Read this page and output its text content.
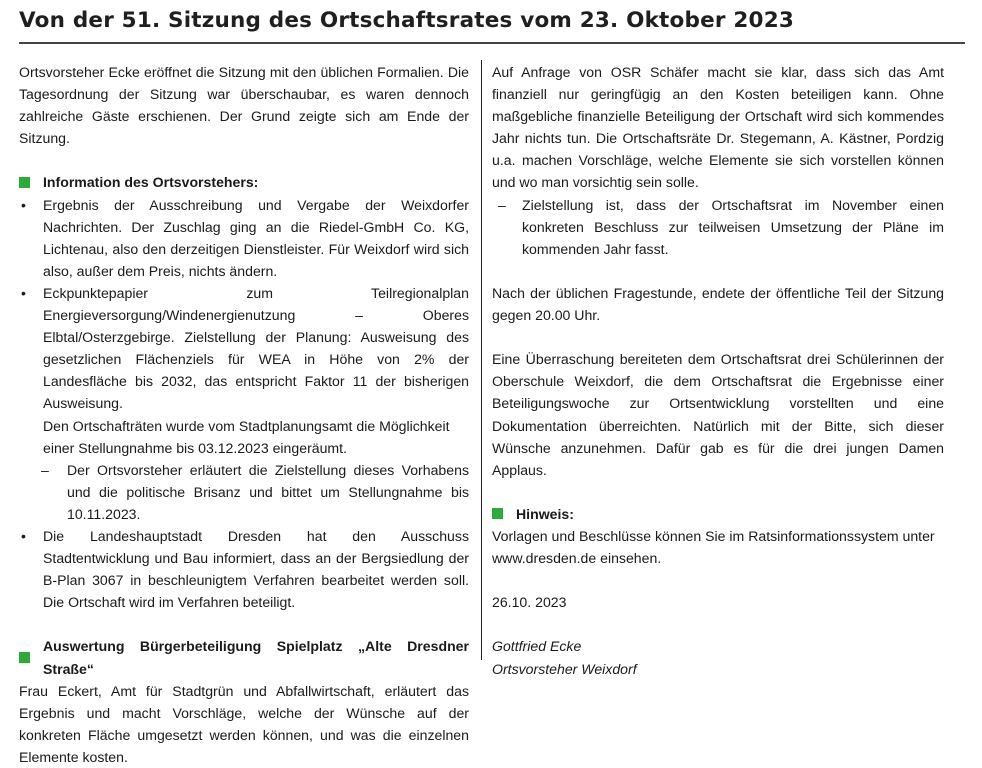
Von der 51. Sitzung des Ortschaftsrates vom 23. Oktober 2023

Ortsvorsteher Ecke eröffnet die Sitzung mit den üblichen Formalien. Die Tagesordnung der Sitzung war überschaubar, es waren dennoch zahlreiche Gäste erschienen. Der Grund zeigte sich am Ende der Sitzung.

Information des Ortsvorstehers:
• Ergebnis der Ausschreibung und Vergabe der Weixdorfer Nachrichten. Der Zuschlag ging an die Riedel-GmbH Co. KG, Lichtenau, also den derzeitigen Dienstleister. Für Weixdorf wird sich also, außer dem Preis, nichts ändern.

• Eckpunktepapier zum Teilregionalplan Energieversorgung/Windenergienutzung – Oberes Elbtal/Osterzgebirge. Zielstellung der Planung: Ausweisung des gesetzlichen Flächenziels für WEA in Höhe von 2% der Landesfläche bis 2032, das entspricht Faktor 11 der bisherigen Ausweisung.

Den Ortschafträten wurde vom Stadtplanungsamt die Möglichkeit einer Stellungnahme bis 03.12.2023 eingeräumt.

– Der Ortsvorsteher erläutert die Zielstellung dieses Vorhabens und die politische Brisanz und bittet um Stellungnahme bis 10.11.2023.

• Die Landeshauptstadt Dresden hat den Ausschuss Stadtentwicklung und Bau informiert, dass an der Bergsiedlung der B-Plan 3067 in beschleunigtem Verfahren bearbeitet werden soll. Die Ortschaft wird im Verfahren beteiligt.

Auswertung Bürgerbeteiligung Spielplatz „Alte Dresdner Straße“

Frau Eckert, Amt für Stadtgrün und Abfallwirtschaft, erläutert das Ergebnis und macht Vorschläge, welche der Wünsche auf der konkreten Fläche umgesetzt werden können, und was die einzelnen Elemente kosten.

Auf Anfrage von OSR Schäfer macht sie klar, dass sich das Amt finanziell nur geringfügig an den Kosten beteiligen kann. Ohne maßgebliche finanzielle Beteiligung der Ortschaft wird sich kommendes Jahr nichts tun. Die Ortschaftsräte Dr. Stegemann, A. Kästner, Pordzig u.a. machen Vorschläge, welche Elemente sie sich vorstellen können und wo man vorsichtig sein solle.

– Zielstellung ist, dass der Ortschaftsrat im November einen konkreten Beschluss zur teilweisen Umsetzung der Pläne im kommenden Jahr fasst.

Nach der üblichen Fragestunde, endete der öffentliche Teil der Sitzung gegen 20.00 Uhr.

Eine Überraschung bereiteten dem Ortschaftsrat drei Schülerinnen der Oberschule Weixdorf, die dem Ortschaftsrat die Ergebnisse einer Beteiligungswoche zur Ortsentwicklung vorstellten und eine Dokumentation überreichten. Natürlich mit der Bitte, sich dieser Wünsche anzunehmen. Dafür gab es für die drei jungen Damen Applaus.

Hinweis:

Vorlagen und Beschlüsse können Sie im Ratsinformationssystem unter www.dresden.de einsehen.

26.10. 2023

Gottfried Ecke

Ortsvorsteher Weixdorf
